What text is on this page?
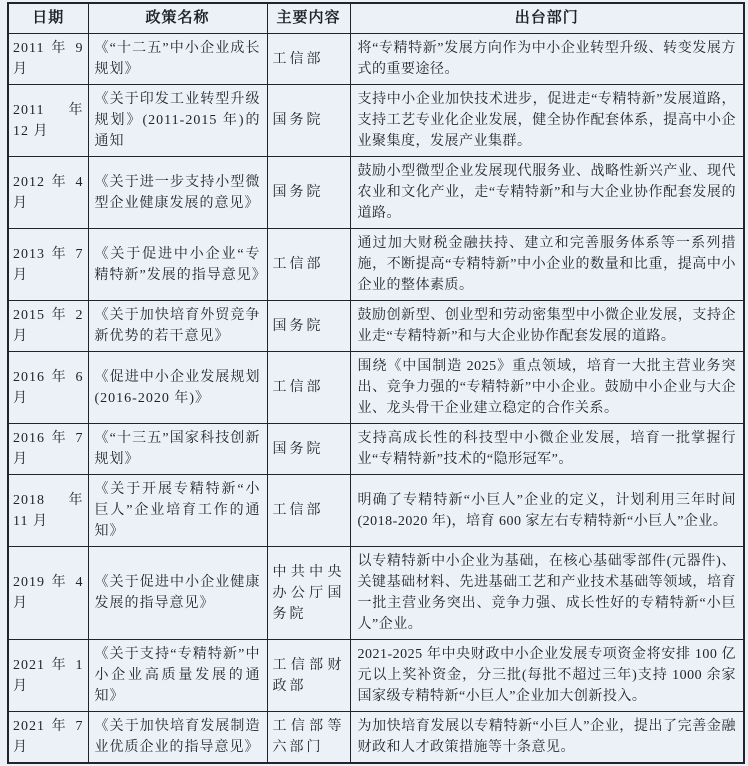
日期	政策名称	主要内容	出台部门
2011 年 9 月	《“十二五”中小企业成长规划》	工信部	将“专精特新”发展方向作为中小企业转型升级、转变发展方式的重要途径。
2011 年 12 月	《关于印发工业转型升级规划》(2011-2015 年)的通知	国务院	支持中小企业加快技术进步，促进走“专精特新”发展道路，支持工艺专业化企业发展，健全协作配套体系，提高中小企业聚集度，发展产业集群。
2012 年 4 月	《关于进一步支持小型微型企业健康发展的意见》	国务院	鼓励小型微型企业发展现代服务业、战略性新兴产业、现代农业和文化产业，走“专精特新”和与大企业协作配套发展的道路。
2013 年 7 月	《关于促进中小企业“专精特新”发展的指导意见》	工信部	通过加大财税金融扶持、建立和完善服务体系等一系列措施，不断提高“专精特新”中小企业的数量和比重，提高中小企业的整体素质。
2015 年 2 月	《关于加快培育外贸竞争新优势的若干意见》	国务院	鼓励创新型、创业型和劳动密集型中小微企业发展，支持企业走“专精特新”和与大企业协作配套发展的道路。
2016 年 6 月	《促进中小企业发展规划(2016-2020 年)》	工信部	围绕《中国制造 2025》重点领域，培育一大批主营业务突出、竞争力强的“专精特新”中小企业。鼓励中小企业与大企业、龙头骨干企业建立稳定的合作关系。
2016 年 7 月	《“十三五”国家科技创新规划》	国务院	支持高成长性的科技型中小微企业发展，培育一批掌握行业“专精特新”技术的“隐形冠军”。
2018 年 11 月	《关于开展专精特新“小巨人”企业培育工作的通知》	工信部	明确了专精特新“小巨人”企业的定义，计划利用三年时间(2018-2020 年)，培育 600 家左右专精特新“小巨人”企业。
2019 年 4 月	《关于促进中小企业健康发展的指导意见》	中共中央办公厅国务院	以专精特新中小企业为基础，在核心基础零部件(元器件)、关键基础材料、先进基础工艺和产业技术基础等领域，培育一批主营业务突出、竞争力强、成长性好的专精特新“小巨人”企业。
2021 年 1 月	《关于支持“专精特新”中小企业高质量发展的通知》	工信部财政部	2021-2025 年中央财政中小企业发展专项资金将安排 100 亿元以上奖补资金，分三批(每批不超过三年)支持 1000 余家国家级专精特新“小巨人”企业加大创新投入。
2021 年 7 月	《关于加快培育发展制造业优质企业的指导意见》	工信部等六部门	为加快培育发展以专精特新“小巨人”企业，提出了完善金融财政和人才政策措施等十条意见。
